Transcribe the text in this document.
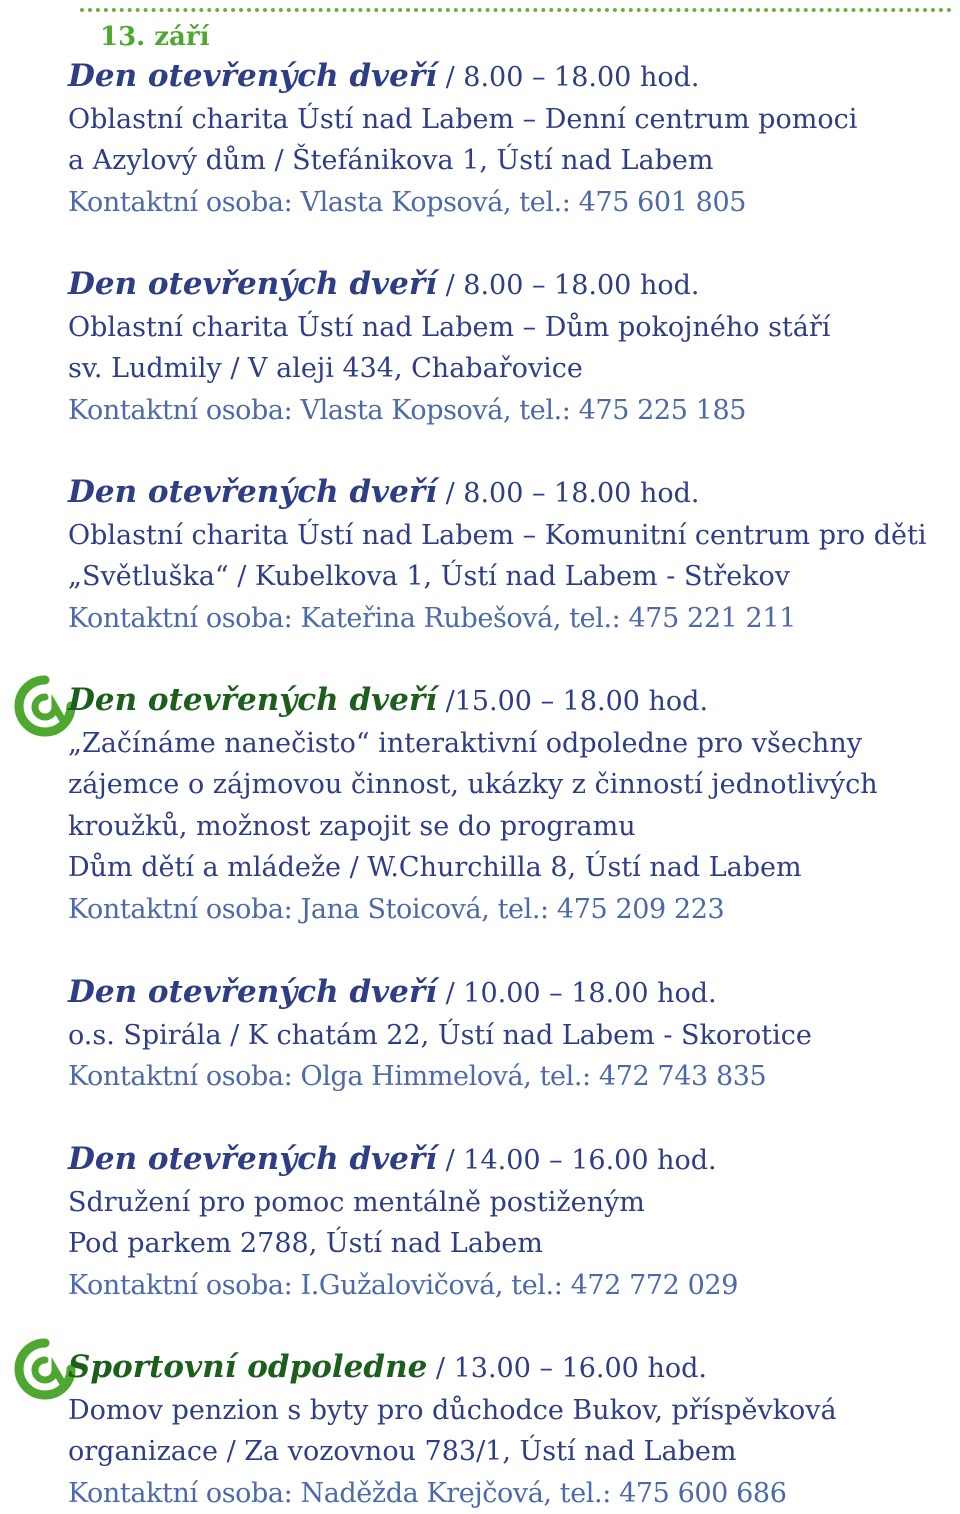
13. září
Den otevřených dveří / 8.00 – 18.00 hod.
Oblastní charita Ústí nad Labem – Denní centrum pomoci
a Azylový dům / Štefánikova 1, Ústí nad Labem
Kontaktní osoba: Vlasta Kopsová, tel.: 475 601 805
Den otevřených dveří / 8.00 – 18.00 hod.
Oblastní charita Ústí nad Labem – Dům pokojného stáří
sv. Ludmily / V aleji 434, Chabařovice
Kontaktní osoba: Vlasta Kopsová, tel.: 475 225 185
Den otevřených dveří / 8.00 – 18.00 hod.
Oblastní charita Ústí nad Labem – Komunitní centrum pro děti
„Světluška“ / Kubelkova 1, Ústí nad Labem - Střekov
Kontaktní osoba: Kateřina Rubešová, tel.: 475 221 211
Den otevřených dveří /15.00 – 18.00 hod.
„Začínáme nanečisto“ interaktivní odpoledne pro všechny
zájemce o zájmovou činnost, ukázky z činností jednotlivých
kroužků, možnost zapojit se do programu
Dům dětí a mládeže / W.Churchilla 8, Ústí nad Labem
Kontaktní osoba: Jana Stoicová, tel.: 475 209 223
Den otevřených dveří / 10.00 – 18.00 hod.
o.s. Spirála / K chatám 22, Ústí nad Labem - Skorotice
Kontaktní osoba: Olga Himmelová, tel.: 472 743 835
Den otevřených dveří / 14.00 – 16.00 hod.
Sdružení pro pomoc mentálně postiženým
Pod parkem 2788, Ústí nad Labem
Kontaktní osoba: I.Gužalovičová, tel.: 472 772 029
Sportovní odpoledne / 13.00 – 16.00 hod.
Domov penzion s byty pro důchodce Bukov, příspěvková
organizace / Za vozovnou 783/1, Ústí nad Labem
Kontaktní osoba: Naděžda Krejčová, tel.: 475 600 686
